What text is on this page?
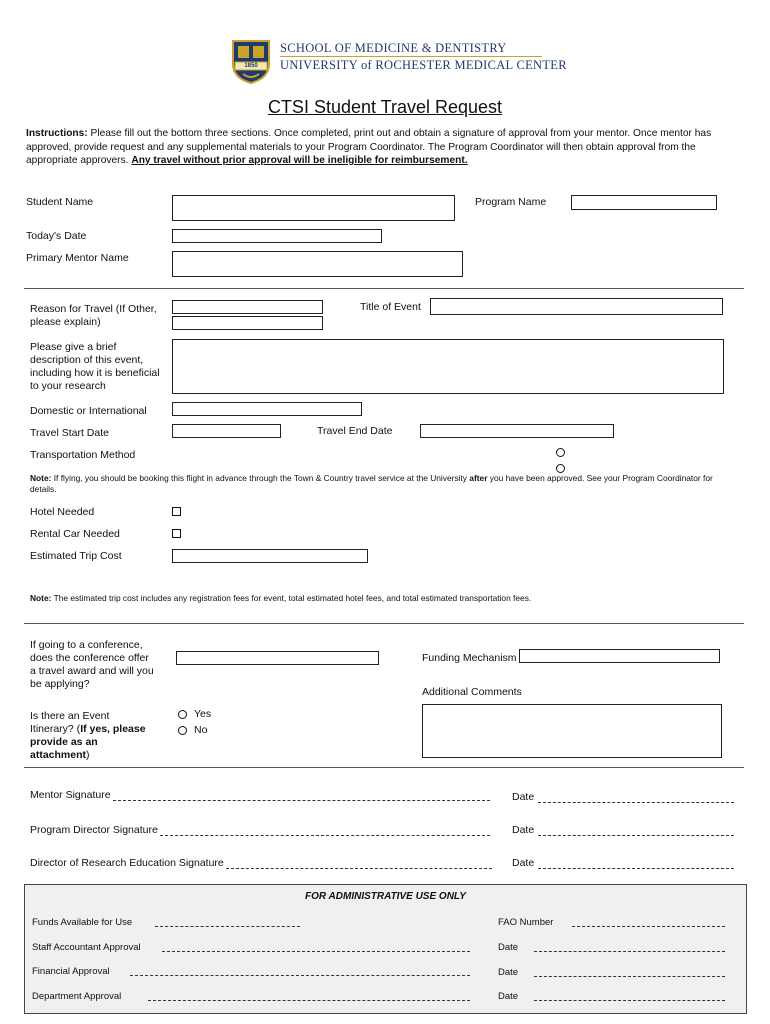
1850
SCHOOL OF MEDICINE & DENTISTRY
UNIVERSITY of ROCHESTER MEDICAL CENTER
CTSI Student Travel Request
Instructions: Please fill out the bottom three sections. Once completed, print out and obtain a signature of approval from your mentor. Once mentor has approved, provide request and any supplemental materials to your Program Coordinator. The Program Coordinator will then obtain approval from the appropriate approvers. Any travel without prior approval will be ineligible for reimbursement.
Student Name	Program Name
Today's Date
Primary Mentor Name
Reason for Travel (If Other,
please explain)
Title of Event
Please give a brief
description of this event,
including how it is beneficial
to your research
Domestic or International
Travel Start Date	Travel End Date
Transportation Method
Note: If flying, you should be booking this flight in advance through the Town & Country travel service at the University after you have been approved. See your Program Coordinator for details.
Hotel Needed
Rental Car Needed
Estimated Trip Cost
Note: The estimated trip cost includes any registration fees for event, total estimated hotel fees, and total estimated transportation fees.
If going to a conference,
does the conference offer
a travel award and will you
be applying?
Funding Mechanism
Additional Comments
Is there an Event
Itinerary? (If yes, please
provide as an
attachment)
Yes
No
Mentor Signature	Date
Program Director Signature	Date
Director of Research Education Signature	Date
FOR ADMINISTRATIVE USE ONLY
Funds Available for Use	FAO Number
Staff Accountant Approval	Date
Financial Approval	Date
Department Approval	Date
